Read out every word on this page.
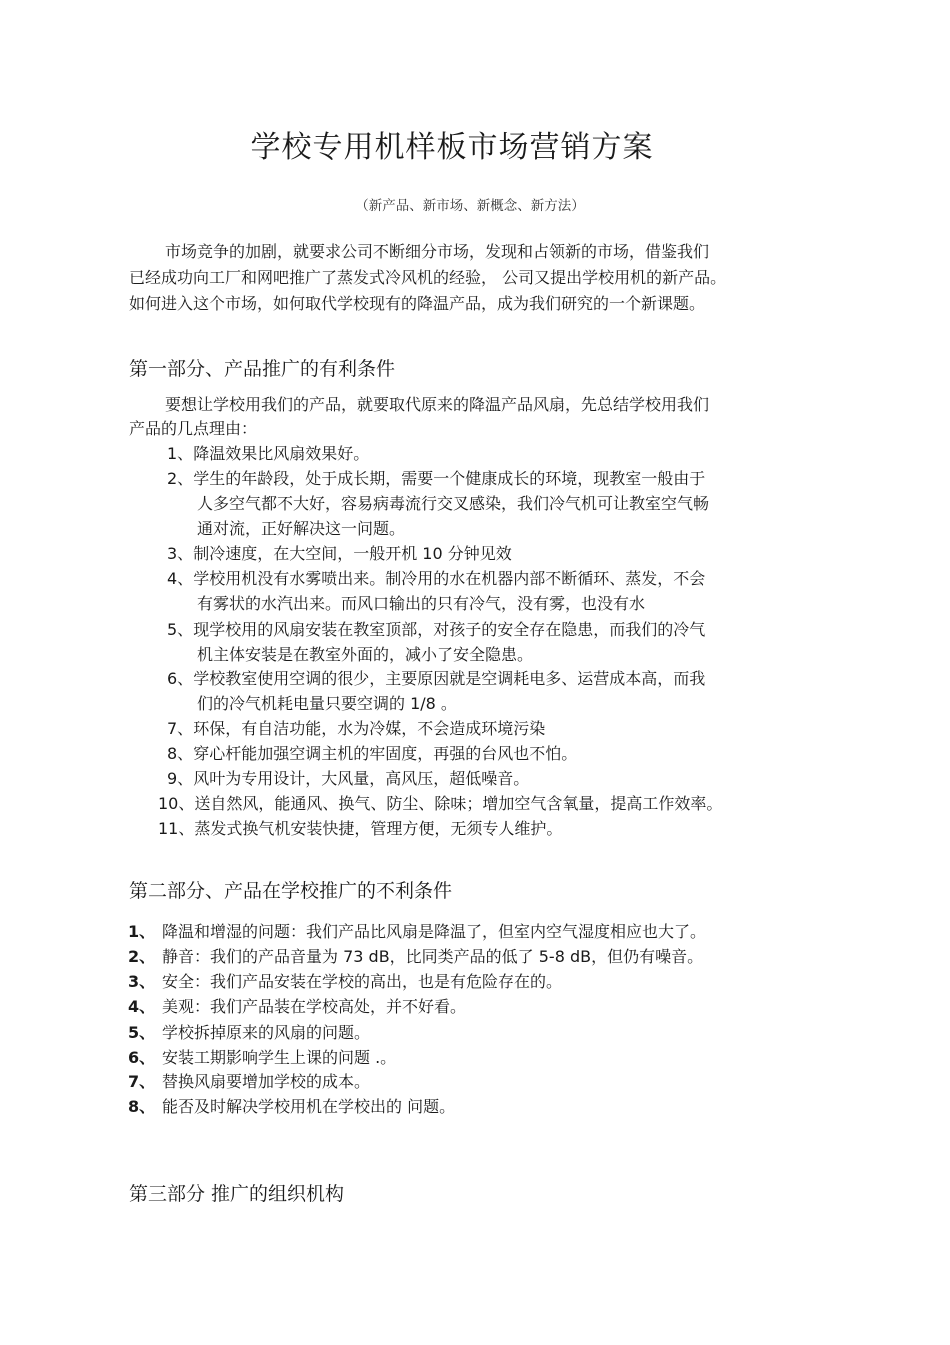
学校专用机样板市场营销方案
（新产品、新市场、新概念、新方法）
市场竞争的加剧，就要求公司不断细分市场，发现和占领新的市场，借鉴我们
已经成功向工厂和网吧推广了蒸发式冷风机的经验， 公司又提出学校用机的新产品。
如何进入这个市场，如何取代学校现有的降温产品，成为我们研究的一个新课题。
第一部分、产品推广的有利条件
要想让学校用我们的产品，就要取代原来的降温产品风扇，先总结学校用我们
产品的几点理由：
1、降温效果比风扇效果好。
2、学生的年龄段，处于成长期，需要一个健康成长的环境，现教室一般由于
人多空气都不大好，容易病毒流行交叉感染，我们冷气机可让教室空气畅
通对流，正好解决这一问题。
3、制冷速度，在大空间，一般开机 10 分钟见效
4、学校用机没有水雾喷出来。制冷用的水在机器内部不断循环、蒸发，不会
有雾状的水汽出来。而风口输出的只有冷气，没有雾，也没有水
5、现学校用的风扇安装在教室顶部，对孩子的安全存在隐患，而我们的冷气
机主体安装是在教室外面的，减小了安全隐患。
6、学校教室使用空调的很少，主要原因就是空调耗电多、运营成本高，而我
们的冷气机耗电量只要空调的 1/8 。
7、环保，有自洁功能，水为冷媒，不会造成环境污染
8、穿心杆能加强空调主机的牢固度，再强的台风也不怕。
9、风叶为专用设计，大风量，高风压，超低噪音。
10、送自然风，能通风、换气、防尘、除味；增加空气含氧量，提高工作效率。
11、蒸发式换气机安装快捷，管理方便，无须专人维护。
第二部分、产品在学校推广的不利条件
1、 降温和增湿的问题：我们产品比风扇是降温了，但室内空气湿度相应也大了。
2、 静音：我们的产品音量为 73 dB，比同类产品的低了 5-8 dB，但仍有噪音。
3、 安全：我们产品安装在学校的高出，也是有危险存在的。
4、 美观：我们产品装在学校高处，并不好看。
5、 学校拆掉原来的风扇的问题。
6、 安装工期影响学生上课的问题 .。
7、 替换风扇要增加学校的成本。
8、 能否及时解决学校用机在学校出的 问题。
第三部分 推广的组织机构
